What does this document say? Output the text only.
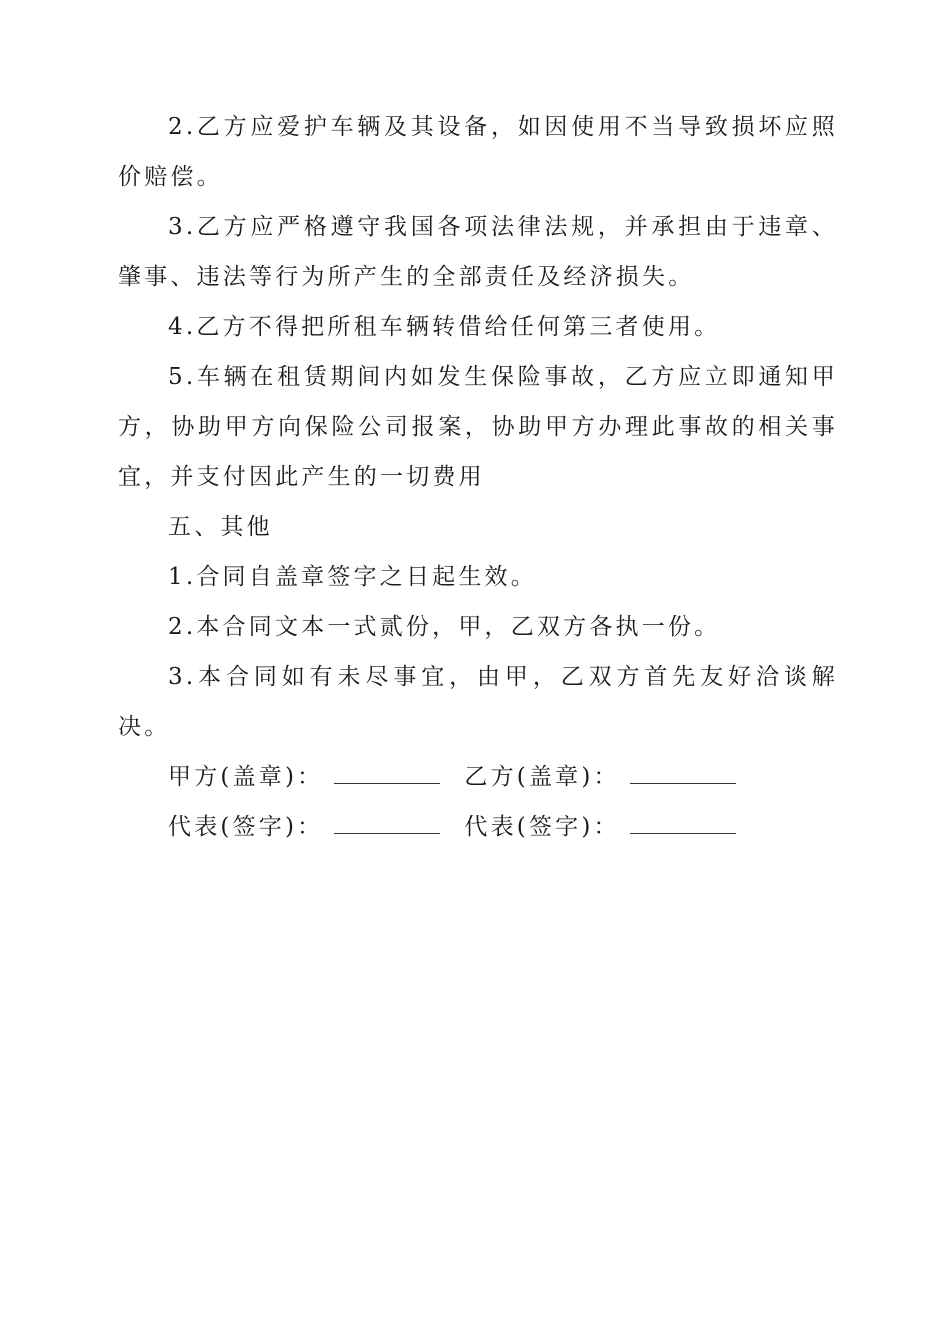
2.乙方应爱护车辆及其设备，如因使用不当导致损坏应照价赔偿。

3.乙方应严格遵守我国各项法律法规，并承担由于违章、肇事、违法等行为所产生的全部责任及经济损失。

4.乙方不得把所租车辆转借给任何第三者使用。

5.车辆在租赁期间内如发生保险事故，乙方应立即通知甲方，协助甲方向保险公司报案，协助甲方办理此事故的相关事宜，并支付因此产生的一切费用

五、其他

1.合同自盖章签字之日起生效。

2.本合同文本一式贰份，甲，乙双方各执一份。

3.本合同如有未尽事宜，由甲，乙双方首先友好洽谈解决。

甲方(盖章)：	乙方(盖章)：
代表(签字)：	代表(签字)：
